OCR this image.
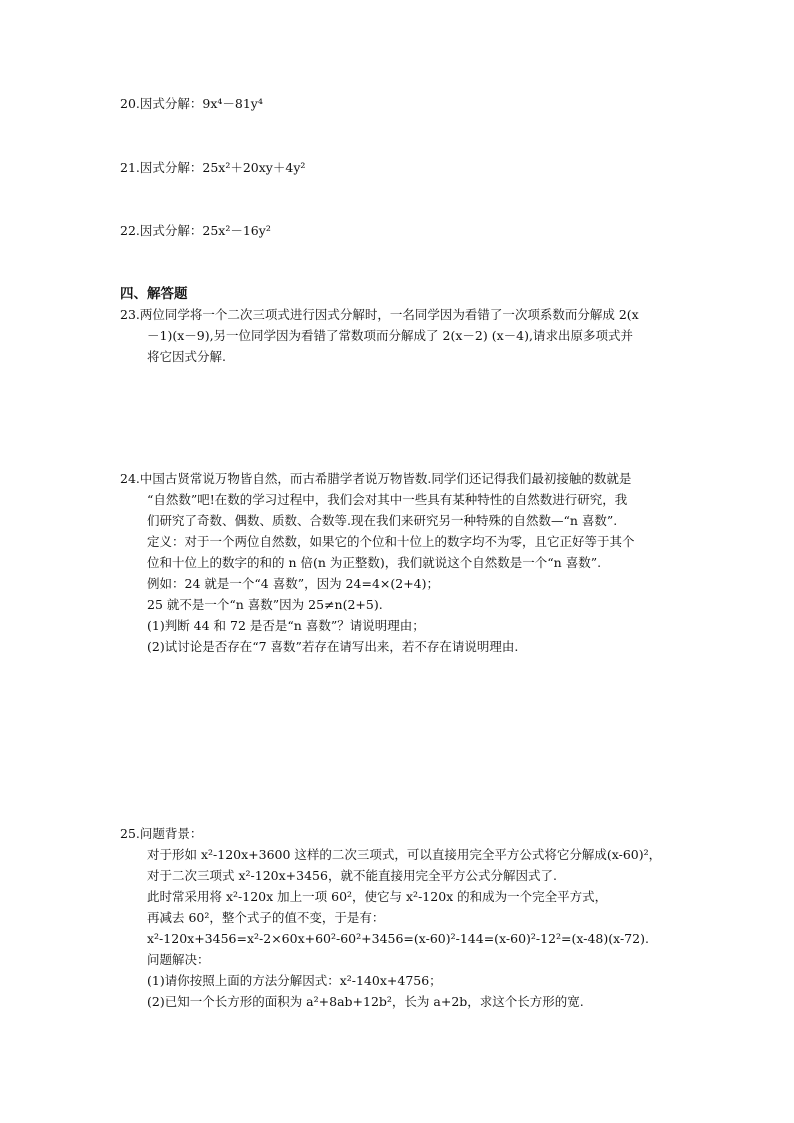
20.因式分解：9x⁴－81y⁴
21.因式分解：25x²＋20xy＋4y²
22.因式分解：25x²－16y²
四、解答题
23.两位同学将一个二次三项式进行因式分解时，一名同学因为看错了一次项系数而分解成 2(x
－1)(x－9),另一位同学因为看错了常数项而分解成了 2(x－2) (x－4),请求出原多项式并
将它因式分解.
24.中国古贤常说万物皆自然，而古希腊学者说万物皆数.同学们还记得我们最初接触的数就是
“自然数”吧!在数的学习过程中，我们会对其中一些具有某种特性的自然数进行研究，我
们研究了奇数、偶数、质数、合数等.现在我们来研究另一种特殊的自然数—“n 喜数”.
定义：对于一个两位自然数，如果它的个位和十位上的数字均不为零，且它正好等于其个
位和十位上的数字的和的 n 倍(n 为正整数)，我们就说这个自然数是一个“n 喜数”.
例如：24 就是一个“4 喜数”，因为 24=4×(2+4)；
25 就不是一个“n 喜数”因为 25≠n(2+5).
(1)判断 44 和 72 是否是“n 喜数”？请说明理由；
(2)试讨论是否存在“7 喜数”若存在请写出来，若不存在请说明理由.
25.问题背景：
对于形如 x²-120x+3600 这样的二次三项式，可以直接用完全平方公式将它分解成(x-60)²，
对于二次三项式 x²-120x+3456，就不能直接用完全平方公式分解因式了.
此时常采用将 x²-120x 加上一项 60²，使它与 x²-120x 的和成为一个完全平方式，
再减去 60²，整个式子的值不变，于是有：
x²-120x+3456=x²-2×60x+60²-60²+3456=(x-60)²-144=(x-60)²-12²=(x-48)(x-72).
问题解决：
(1)请你按照上面的方法分解因式：x²-140x+4756；
(2)已知一个长方形的面积为 a²+8ab+12b²，长为 a+2b，求这个长方形的宽.
